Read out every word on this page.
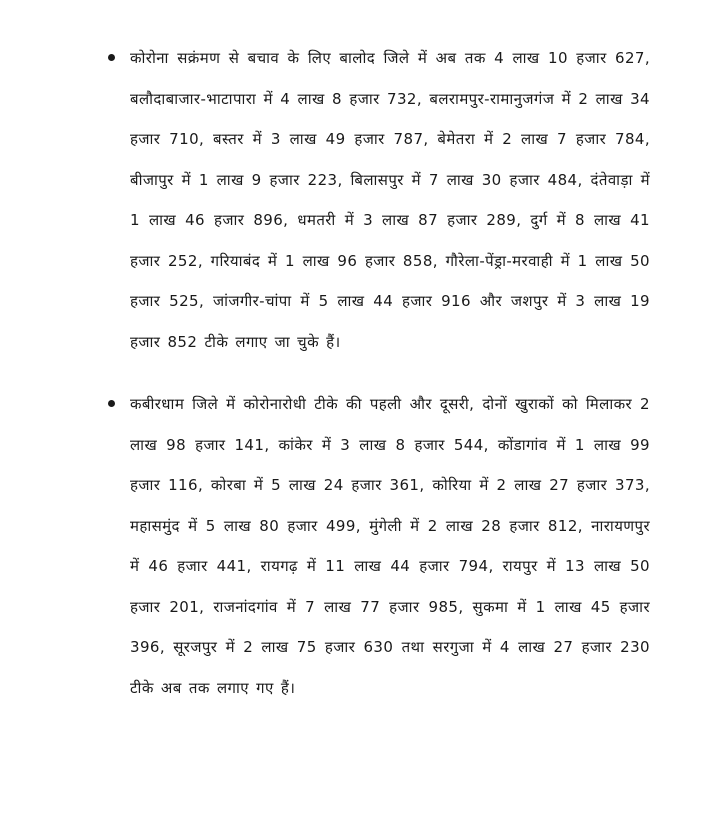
कोरोना सक्रंमण से बचाव के लिए बालोद जिले में अब तक 4 लाख 10 हजार 627, बलौदाबाजार-भाटापारा में 4 लाख 8 हजार 732, बलरामपुर-रामानुजगंज में 2 लाख 34 हजार 710, बस्तर में 3 लाख 49 हजार 787, बेमेतरा में 2 लाख 7 हजार 784, बीजापुर में 1 लाख 9 हजार 223, बिलासपुर में 7 लाख 30 हजार 484, दंतेवाड़ा में 1 लाख 46 हजार 896, धमतरी में 3 लाख 87 हजार 289, दुर्ग में 8 लाख 41 हजार 252, गरियाबंद में 1 लाख 96 हजार 858, गौरेला-पेंड्रा-मरवाही में 1 लाख 50 हजार 525, जांजगीर-चांपा में 5 लाख 44 हजार 916 और जशपुर में 3 लाख 19 हजार 852 टीके लगाए जा चुके हैं।
कबीरधाम जिले में कोरोनारोधी टीके की पहली और दूसरी, दोनों खुराकों को मिलाकर 2 लाख 98 हजार 141, कांकेर में 3 लाख 8 हजार 544, कोंडागांव में 1 लाख 99 हजार 116, कोरबा में 5 लाख 24 हजार 361, कोरिया में 2 लाख 27 हजार 373, महासमुंद में 5 लाख 80 हजार 499, मुंगेली में 2 लाख 28 हजार 812, नारायणपुर में 46 हजार 441, रायगढ़ में 11 लाख 44 हजार 794, रायपुर में 13 लाख 50 हजार 201, राजनांदगांव में 7 लाख 77 हजार 985, सुकमा में 1 लाख 45 हजार 396, सूरजपुर में 2 लाख 75 हजार 630 तथा सरगुजा में 4 लाख 27 हजार 230 टीके अब तक लगाए गए हैं।
